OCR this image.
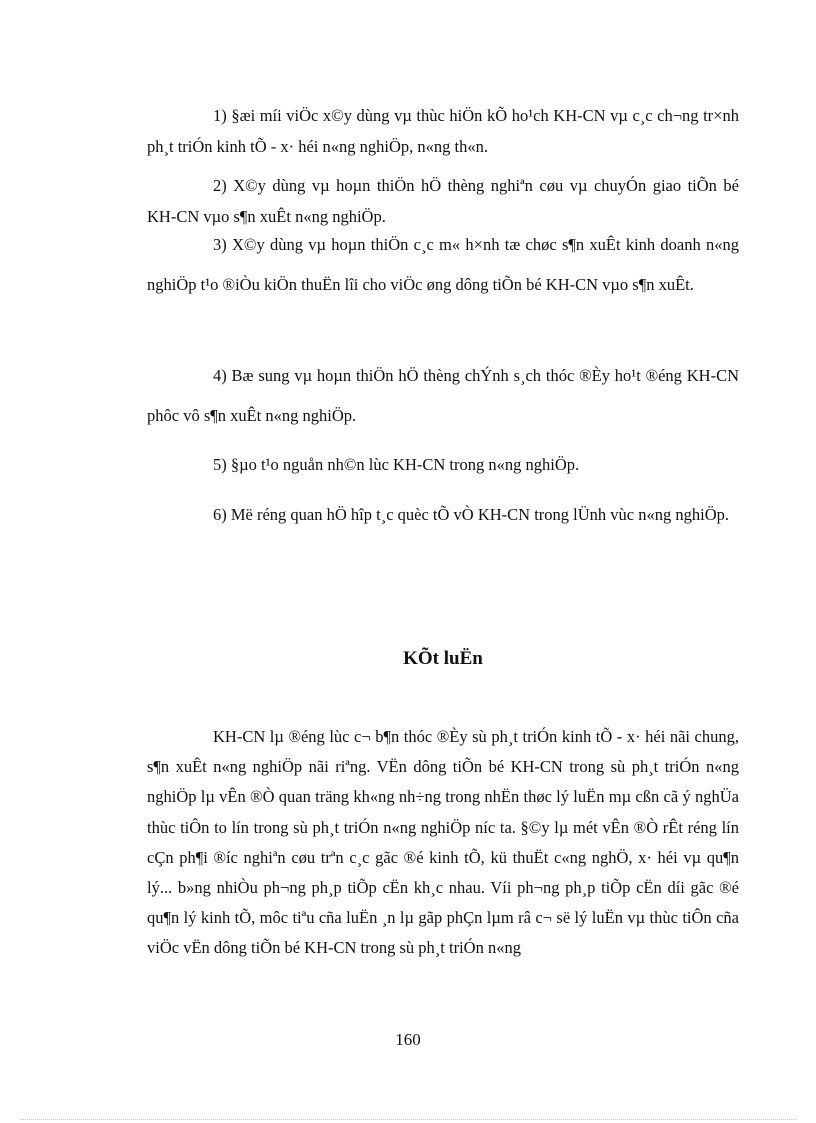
1) §æi míi viÖc x©y dùng vµ thùc hiÖn kÕ ho¹ch KH-CN vµ c¸c ch¬ng tr×nh ph¸t triÓn kinh tÕ - x· héi n«ng nghiÖp, n«ng th«n.

2) X©y dùng vµ hoµn thiÖn hÖ thèng nghiªn cøu vµ chuyÓn giao tiÕn bé KH-CN vµo s¶n xuÊt n«ng nghiÖp.

3) X©y dùng vµ hoµn thiÖn c¸c m« h×nh tæ chøc s¶n xuÊt kinh doanh n«ng nghiÖp t¹o ®iÒu kiÖn thuËn lîi cho viÖc øng dông tiÕn bé KH-CN vµo s¶n xuÊt.

4) Bæ sung vµ hoµn thiÖn hÖ thèng chÝnh s¸ch thóc ®Èy ho¹t ®éng KH-CN phôc vô s¶n xuÊt n«ng nghiÖp.

5) §µo t¹o nguån nh©n lùc KH-CN trong n«ng nghiÖp.

6) Më réng quan hÖ hîp t¸c quèc tÕ vÒ KH-CN trong lÜnh vùc n«ng nghiÖp.

KÕt luËn

KH-CN lµ ®éng lùc c¬ b¶n thóc ®Èy sù ph¸t triÓn kinh tÕ - x· héi nãi chung, s¶n xuÊt n«ng nghiÖp nãi riªng. VËn dông tiÕn bé KH-CN trong sù ph¸t triÓn n«ng nghiÖp lµ vÊn ®Ò quan träng kh«ng nh÷ng trong nhËn thøc lý luËn mµ cßn cã ý nghÜa thùc tiÔn to lín trong sù ph¸t triÓn n«ng nghiÖp níc ta. §©y lµ mét vÊn ®Ò rÊt réng lín cÇn ph¶i ®íc nghiªn cøu trªn c¸c gãc ®é kinh tÕ, kü thuËt c«ng nghÖ, x· héi vµ qu¶n lý... b»ng nhiÒu ph¬ng ph¸p tiÕp cËn kh¸c nhau. Víi ph¬ng ph¸p tiÕp cËn díi gãc ®é qu¶n lý kinh tÕ, môc tiªu cña luËn ¸n lµ gãp phÇn lµm râ c¬ së lý luËn vµ thùc tiÔn cña viÖc vËn dông tiÕn bé KH-CN trong sù ph¸t triÓn n«ng

160
